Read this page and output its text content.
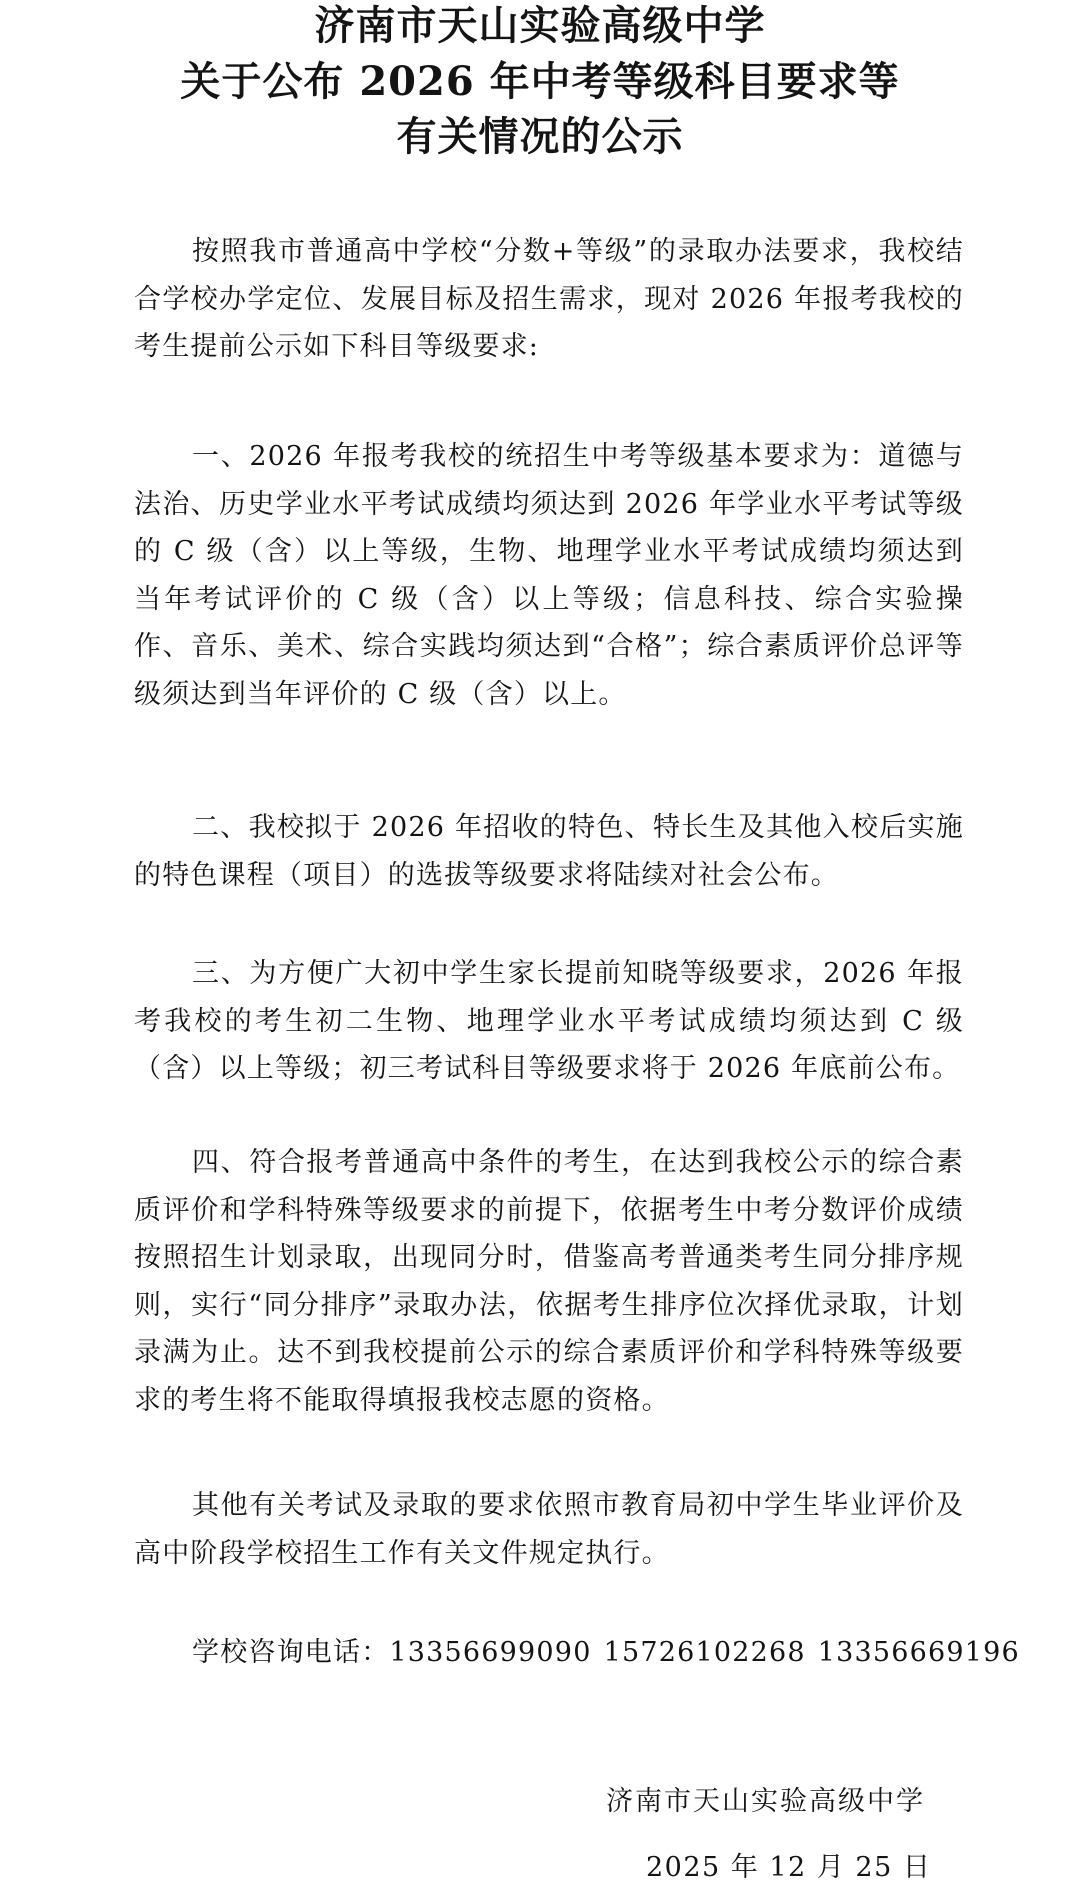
济南市天山实验高级中学
关于公布 2026 年中考等级科目要求等
有关情况的公示

按照我市普通高中学校“分数+等级”的录取办法要求，我校结合学校办学定位、发展目标及招生需求，现对 2026 年报考我校的考生提前公示如下科目等级要求:

一、2026 年报考我校的统招生中考等级基本要求为：道德与法治、历史学业水平考试成绩均须达到 2026 年学业水平考试等级的 C 级（含）以上等级，生物、地理学业水平考试成绩均须达到当年考试评价的 C 级（含）以上等级；信息科技、综合实验操作、音乐、美术、综合实践均须达到“合格”；综合素质评价总评等级须达到当年评价的 C 级（含）以上。

二、我校拟于 2026 年招收的特色、特长生及其他入校后实施的特色课程（项目）的选拔等级要求将陆续对社会公布。

三、为方便广大初中学生家长提前知晓等级要求，2026 年报考我校的考生初二生物、地理学业水平考试成绩均须达到 C 级（含）以上等级；初三考试科目等级要求将于 2026 年底前公布。

四、符合报考普通高中条件的考生，在达到我校公示的综合素质评价和学科特殊等级要求的前提下，依据考生中考分数评价成绩按照招生计划录取，出现同分时，借鉴高考普通类考生同分排序规则，实行“同分排序”录取办法，依据考生排序位次择优录取，计划录满为止。达不到我校提前公示的综合素质评价和学科特殊等级要求的考生将不能取得填报我校志愿的资格。

其他有关考试及录取的要求依照市教育局初中学生毕业评价及高中阶段学校招生工作有关文件规定执行。

学校咨询电话：13356699090 15726102268 13356669196
济南市天山实验高级中学
2025 年 12 月 25 日
